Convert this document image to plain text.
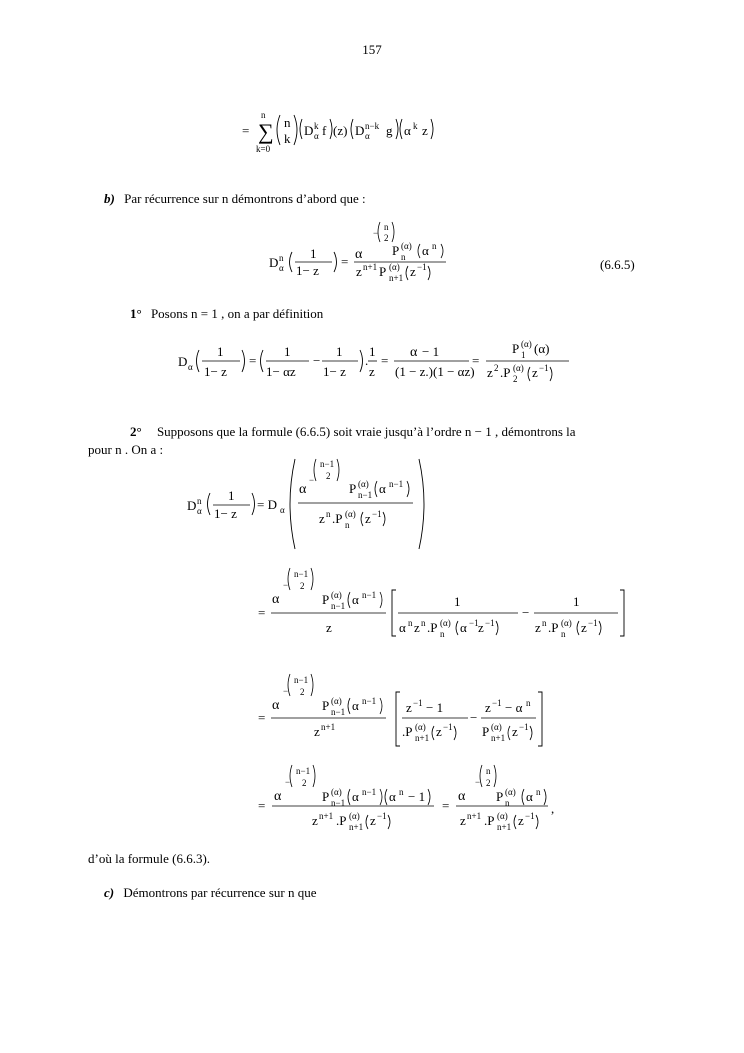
157
=
n
∑
k=0
n
k
D k
α f (z) D n−k
α g α k z
b) Par récurrence sur n démontrons d’abord que :
D n
α
1
1− z
=
−
n
2
α P (α)
n α n
z n+1 P (α)
n+1 z −1	(6.6.5)
1° Posons n = 1 , on a par définition
D α
1
1− z
=
1
1− αz
−
1
1− z
.
1
z
=
α − 1
(1 − z.)(1 − αz)
=
P (α)
1 (α)
z 2 .P (α)
2 z −1
2° Supposons que la formule (6.6.5) soit vraie jusqu’à l’ordre n − 1 , démontrons la
pour n . On a :
D n
α
1
1− z
= D α
−
n−1
2
α	P (α)
n−1 α n−1
z n .P (α)
n z −1
=
−
n−1
2
α	P (α)
n−1 α n−1
z
1
α n z n .P (α)
n α −1 z −1
−
1
z n .P (α)
n z −1
=
−
n−1
2
α	P (α)
n−1 α n−1
z n+1
z −1 − 1
.P (α)
n+1 z −1
−
z −1 − α n
P (α)
n+1 z −1
=
−
n−1
2
α	P (α)
n−1 α n−1 α n − 1
z n+1 .P (α)
n+1 z −1
=
−
n
2
α P (α)
n α n
z n+1 .P (α)
n+1 z −1 ,
d’où la formule (6.6.3).
c) Démontrons par récurrence sur n que
